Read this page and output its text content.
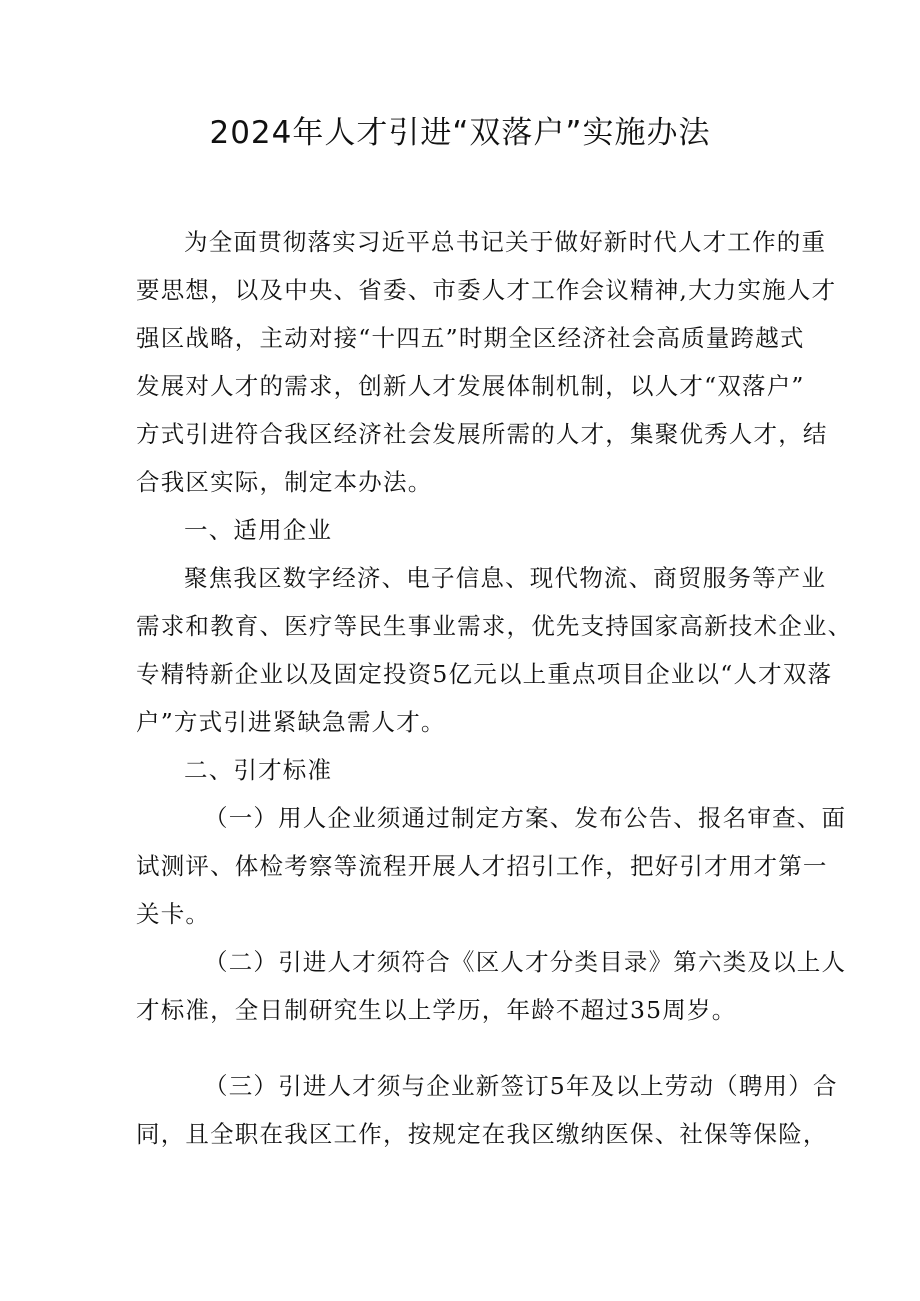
2024年人才引进“双落户”实施办法
为全面贯彻落实习近平总书记关于做好新时代人才工作的重
要思想，以及中央、省委、市委人才工作会议精神,大力实施人才
强区战略，主动对接“十四五”时期全区经济社会高质量跨越式
发展对人才的需求，创新人才发展体制机制，以人才“双落户”
方式引进符合我区经济社会发展所需的人才，集聚优秀人才，结
合我区实际，制定本办法。
一、适用企业
聚焦我区数字经济、电子信息、现代物流、商贸服务等产业
需求和教育、医疗等民生事业需求，优先支持国家高新技术企业、
专精特新企业以及固定投资5亿元以上重点项目企业以“人才双落
户”方式引进紧缺急需人才。
二、引才标准
（一）用人企业须通过制定方案、发布公告、报名审查、面
试测评、体检考察等流程开展人才招引工作，把好引才用才第一
关卡。
（二）引进人才须符合《区人才分类目录》第六类及以上人
才标准，全日制研究生以上学历，年龄不超过35周岁。
（三）引进人才须与企业新签订5年及以上劳动（聘用）合
同，且全职在我区工作，按规定在我区缴纳医保、社保等保险，
